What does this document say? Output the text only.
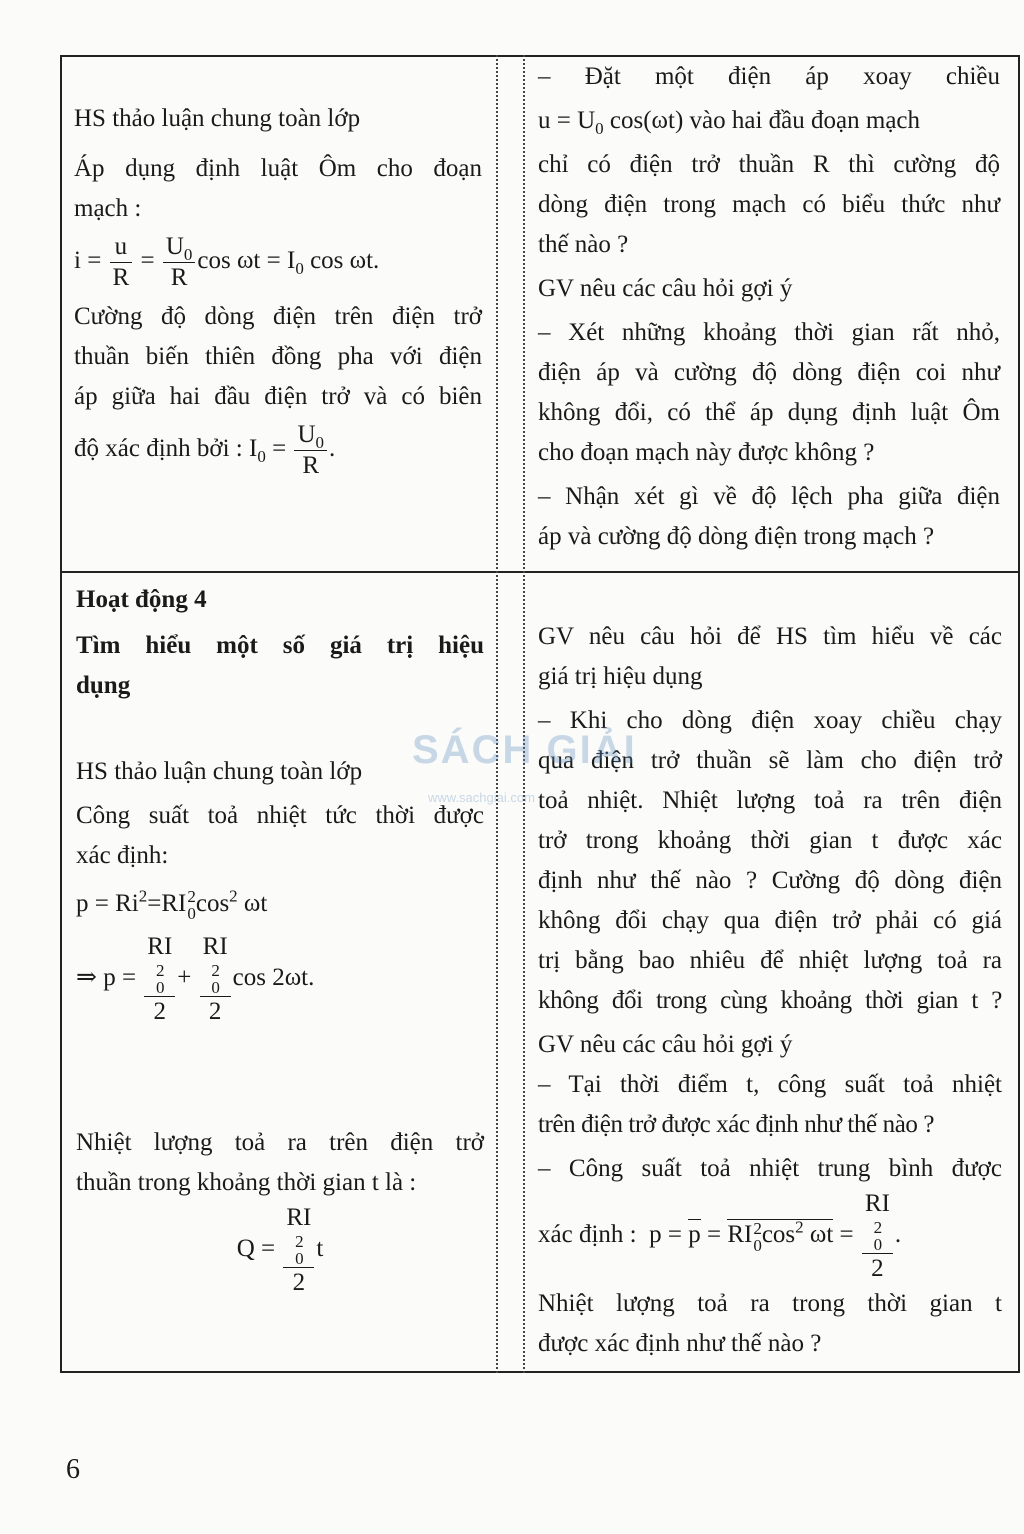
HS thảo luận chung toàn lớp
Áp dụng định luật Ôm cho đoạn
mạch :
$i = \frac{u}{R} = \frac{U_0}{R}$ $\cos \omega t = I_0$ cos ωt.
Cường độ dòng điện trên điện trở
thuần biến thiên đồng pha với điện
áp giữa hai đầu điện trở và có biên
độ xác định bởi : $I_0 = \frac{U_0}{R}$ .
– Đặt một điện áp xoay chiều
$u = U_0$ cos(ωt) vào hai đầu đoạn mạch
chỉ có điện trở thuần R thì cường độ
dòng điện trong mạch có biểu thức như
thế nào ?
GV nêu các câu hỏi gợi ý
– Xét những khoảng thời gian rất nhỏ,
điện áp và cường độ dòng điện coi như
không đổi, có thể áp dụng định luật Ôm
cho đoạn mạch này được không ?
– Nhận xét gì về độ lệch pha giữa điện
áp và cường độ dòng điện trong mạch ?
Hoạt động 4
Tìm hiểu một số giá trị hiệu
dụng
HS thảo luận chung toàn lớp
Công suất toả nhiệt tức thời được
xác định:
$p = Ri^2=RI$ 2
0 $\cos^2 \omega t$
⇒ p = RI
2
0
2 + RI
2
0
2 cos 2ωt.
Nhiệt lượng toả ra trên điện trở
thuần trong khoảng thời gian t là :
Q = RI
2
0
2 t
GV nêu câu hỏi để HS tìm hiểu về các
giá trị hiệu dụng
– Khi cho dòng điện xoay chiều chạy
qua điện trở thuần sẽ làm cho điện trở
toả nhiệt. Nhiệt lượng toả ra trên điện
trở trong khoảng thời gian t được xác
định như thế nào ? Cường độ dòng điện
không đổi chạy qua điện trở phải có giá
trị bằng bao nhiêu để nhiệt lượng toả ra
không đổi trong cùng khoảng thời gian t ?
GV nêu các câu hỏi gợi ý
– Tại thời điểm t, công suất toả nhiệt
trên điện trở được xác định như thế nào ?
– Công suất toả nhiệt trung bình được
xác định :  p = p = RI 2
0 $\cos^2 \omega t$ = RI
2
0
2 .
Nhiệt lượng toả ra trong thời gian t
được xác định như thế nào ?
SÁCH GIẢI
www.sachgiai.com
6
